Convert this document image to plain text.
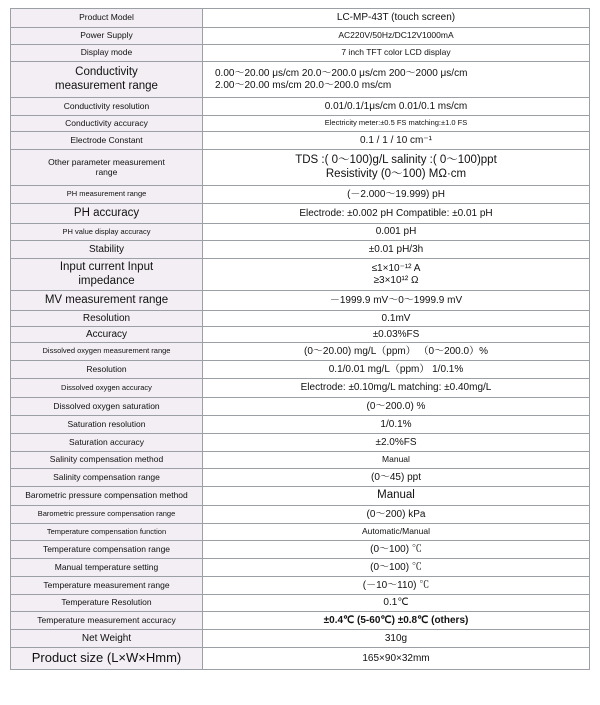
Product Model	LC-MP-43T (touch screen)
Power Supply	AC220V/50Hz/DC12V1000mA
Display mode	7 inch TFT color LCD display

Conductivity
measurement range	0.00～20.00 μs/cm 20.0～200.0 μs/cm 200～2000 μs/cm
2.00～20.00 ms/cm 20.0～200.0 ms/cm

Conductivity resolution	0.01/0.1/1μs/cm 0.01/0.1 ms/cm
Conductivity accuracy	Electricity meter:±0.5 FS matching:±1.0 FS
Electrode Constant	0.1 / 1 / 10 cm⁻¹

Other parameter measurement
range	TDS :( 0～100)g/L salinity :( 0～100)ppt
Resistivity (0～100) MΩ·cm

PH measurement range	(－2.000～19.999) pH
PH accuracy	Electrode: ±0.002 pH Compatible: ±0.01 pH
PH value display accuracy	0.001 pH
Stability	±0.01 pH/3h

Input current Input
impedance	≤1×10⁻¹² A
≥3×10¹² Ω

MV measurement range	－1999.9 mV～0～1999.9 mV
Resolution	0.1mV
Accuracy	±0.03%FS
Dissolved oxygen measurement range	(0～20.00) mg/L（ppm） （0～200.0）%
Resolution	0.1/0.01 mg/L（ppm） 1/0.1%
Dissolved oxygen accuracy	Electrode: ±0.10mg/L matching: ±0.40mg/L
Dissolved oxygen saturation	(0～200.0) %
Saturation resolution	1/0.1%
Saturation accuracy	±2.0%FS
Salinity compensation method	Manual
Salinity compensation range	(0～45) ppt
Barometric pressure compensation method	Manual
Barometric pressure compensation range	(0～200) kPa
Temperature compensation function	Automatic/Manual
Temperature compensation range	(0～100) ℃
Manual temperature setting	(0～100) ℃
Temperature measurement range	(－10～110) ℃
Temperature Resolution	0.1℃
Temperature measurement accuracy	±0.4℃ (5-60℃) ±0.8℃ (others)
Net Weight	310g
Product size (L×W×Hmm)	165×90×32mm
